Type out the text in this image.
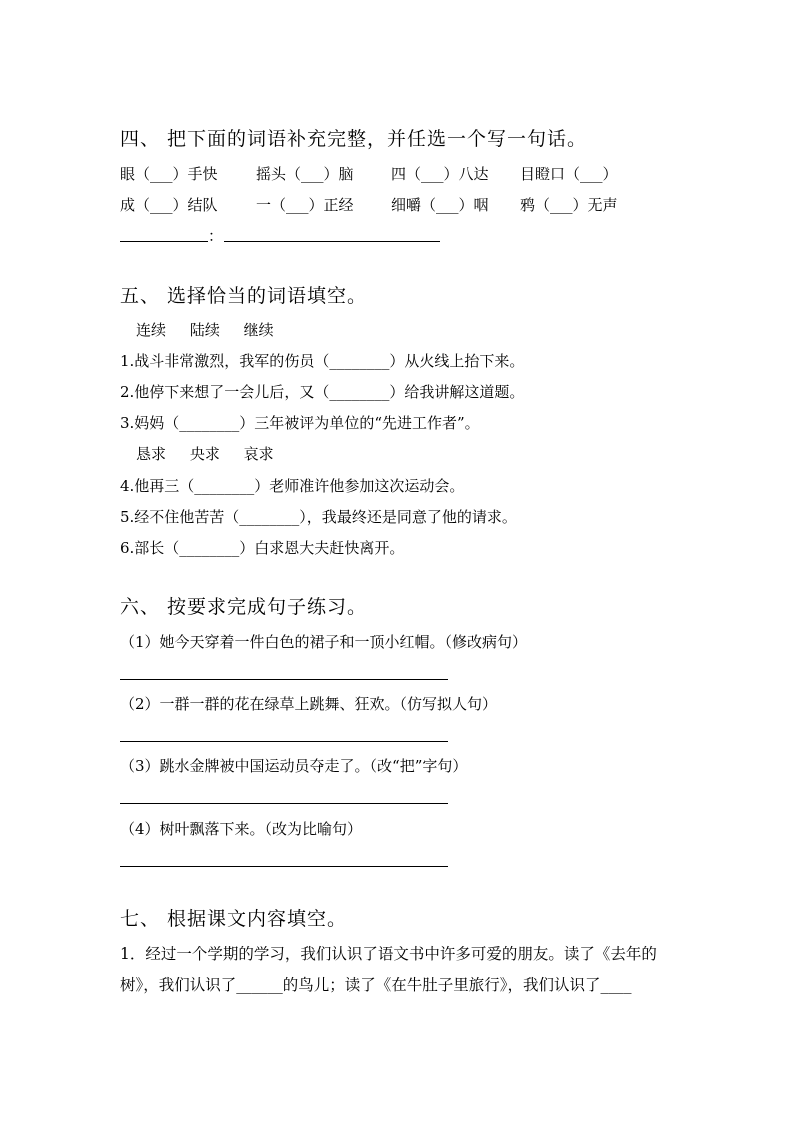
四、 把下面的词语补充完整，并任选一个写一句话。
眼（___）手快	摇头（___）脑 四（___）八达 目瞪口（___）
成（___）结队	一（___）正经 细嚼（___）咽 鸦（___）无声
：
五、 选择恰当的词语填空。
连续     陆续     继续
1.战斗非常激烈，我军的伤员（________）从火线上抬下来。
2.他停下来想了一会儿后，又（________）给我讲解这道题。
3.妈妈（________）三年被评为单位的“先进工作者”。
恳求     央求     哀求
4.他再三（________）老师准许他参加这次运动会。
5.经不住他苦苦（________），我最终还是同意了他的请求。
6.部长（________）白求恩大夫赶快离开。
六、 按要求完成句子练习。
（1）她今天穿着一件白色的裙子和一顶小红帽。（修改病句）
（2）一群一群的花在绿草上跳舞、狂欢。（仿写拟人句）
（3）跳水金牌被中国运动员夺走了。（改“把”字句）
（4）树叶飘落下来。（改为比喻句）
七、 根据课文内容填空。
1．经过一个学期的学习，我们认识了语文书中许多可爱的朋友。读了《去年的
树》，我们认识了______的鸟儿；读了《在牛肚子里旅行》，我们认识了____
